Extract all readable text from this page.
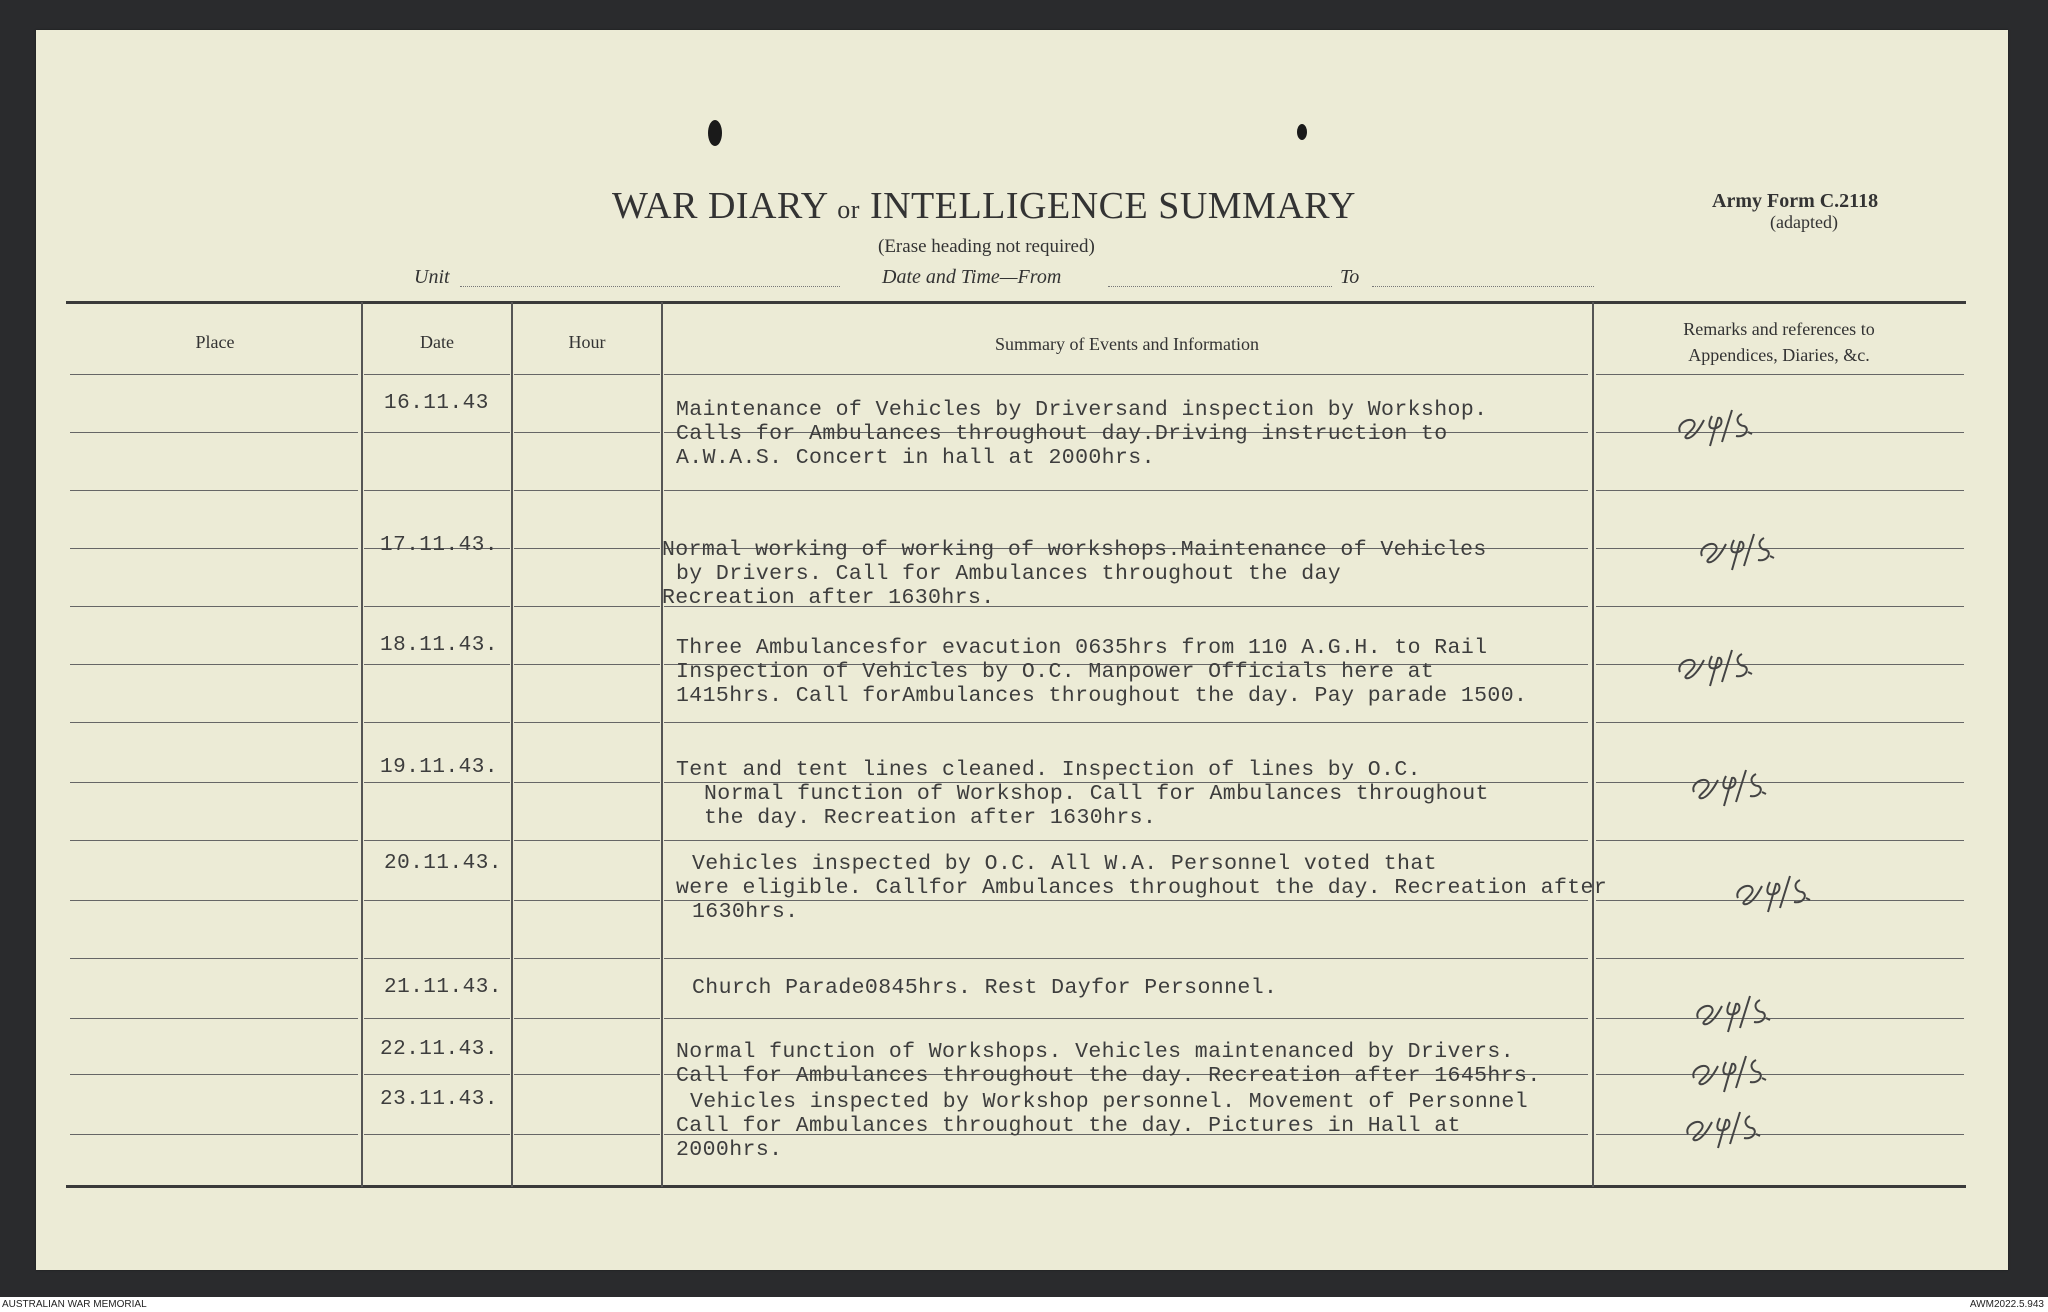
WAR DIARY or INTELLIGENCE SUMMARY
(Erase heading not required)
Army Form C.2118
(adapted)
Unit	Date and Time—From	To
Place	Date	Hour	Summary of Events and Information
Remarks and references to
Appendices, Diaries, &c.
16.11.43	Maintenance of Vehicles by Driversand inspection by Workshop.
Calls for Ambulances throughout day.Driving instruction to
A.W.A.S. Concert in hall at 2000hrs.
17.11.43.	Normal working of working of workshops.Maintenance of Vehicles
by Drivers. Call for Ambulances throughout the day
Recreation after 1630hrs.
18.11.43.	Three Ambulancesfor evacution 0635hrs from 110 A.G.H. to Rail
Inspection of Vehicles by O.C. Manpower Officials here at
1415hrs. Call forAmbulances throughout the day. Pay parade 1500.
19.11.43.	Tent and tent lines cleaned. Inspection of lines by O.C.
Normal function of Workshop. Call for Ambulances throughout
the day. Recreation after 1630hrs.
20.11.43.	Vehicles inspected by O.C. All W.A. Personnel voted that
were eligible. Callfor Ambulances throughout the day. Recreation after
1630hrs.
21.11.43.	Church Parade0845hrs. Rest Dayfor Personnel.
22.11.43.	Normal function of Workshops. Vehicles maintenanced by Drivers.
Call for Ambulances throughout the day. Recreation after 1645hrs.
23.11.43.	Vehicles inspected by Workshop personnel. Movement of Personnel
Call for Ambulances throughout the day. Pictures in Hall at
2000hrs.
AUSTRALIAN WAR MEMORIAL	AWM2022.5.943
